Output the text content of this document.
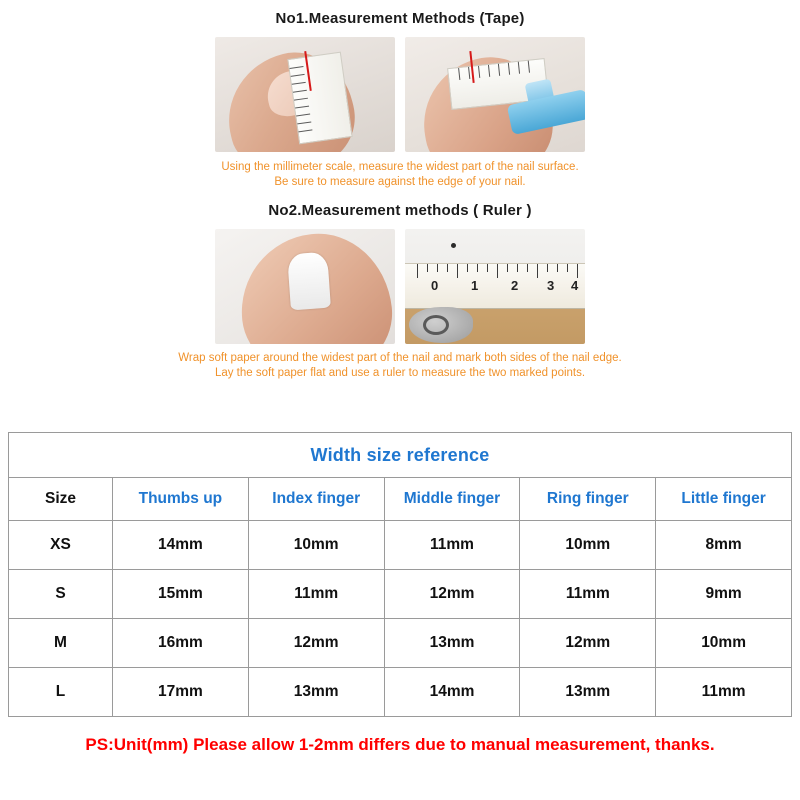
No1.Measurement Methods (Tape)
Using the millimeter scale, measure the widest part of the nail surface.
Be sure to measure against the edge of your nail.
No2.Measurement methods ( Ruler )
0	1	2 3 4
Wrap soft paper around the widest part of the nail and mark both sides of the nail edge.
Lay the soft paper flat and use a ruler to measure the two marked points.
Width size reference					
Size	Thumbs up	Index finger	Middle finger	Ring finger	Little finger
XS	14mm	10mm	11mm	10mm	8mm
S	15mm	11mm	12mm	11mm	9mm
M	16mm	12mm	13mm	12mm	10mm
L	17mm	13mm	14mm	13mm	11mm
PS:Unit(mm) Please allow 1-2mm differs due to manual measurement, thanks.
